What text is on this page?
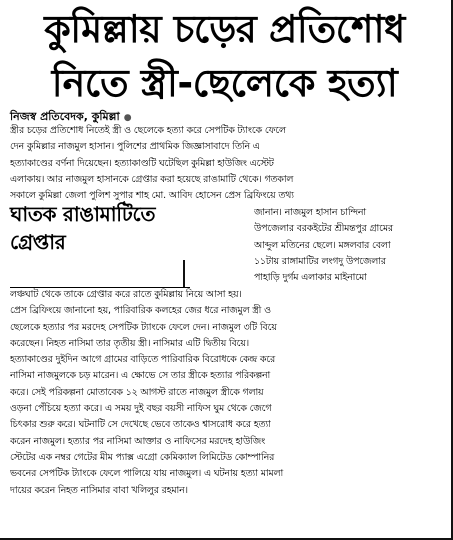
কুমিল্লায় চড়ের প্রতিশোধ
নিতে স্ত্রী-ছেলেকে হত্যা
নিজস্ব প্রতিবেদক, কুমিল্লা ●
স্ত্রীর চড়ের প্রতিশোধ নিতেই স্ত্রী ও ছেলেকে হত্যা করে সেপটিক ট্যাংকে ফেলে
দেন কুমিল্লার নাজমুল হাসান। পুলিশের প্রাথমিক জিজ্ঞাসাবাদে তিনি এ
হত্যাকাণ্ডের বর্ণনা দিয়েছেন। হত্যাকাণ্ডটি ঘটেছিল কুমিল্লা হাউজিং এস্টেট
এলাকায়। আর নাজমুল হাসানকে গ্রেপ্তার করা হয়েছে রাঙামাটি থেকে। গতকাল
সকালে কুমিল্লা জেলা পুলিশ সুপার শাহ মো. আবিদ হোসেন প্রেস ব্রিফিংয়ে তথ্য
ঘাতক রাঙামাটিতে
গ্রেপ্তার
জানান। নাজমুল হাসান চান্দিনা
উপজেলার বরকইটের শ্রীমন্তপুর গ্রামের
আব্দুল মতিনের ছেলে। মঙ্গলবার বেলা
১১টায় রাঙ্গামাটির লংগদু উপজেলার
পাহাড়ি দুর্গম এলাকার মাইনামো
লঞ্চঘাট থেকে তাকে গ্রেপ্তার করে রাতে কুমিল্লায় নিয়ে আসা হয়।
প্রেস ব্রিফিংয়ে জানানো হয়, পারিবারিক কলহের জের ধরে নাজমুল স্ত্রী ও
ছেলেকে হত্যার পর মরদেহ সেপটিক ট্যাংকে ফেলে দেন। নাজমুল ৩টি বিয়ে
করেছেন। নিহত নাসিমা তার তৃতীয় স্ত্রী। নাসিমার এটি দ্বিতীয় বিয়ে।
হত্যাকাণ্ডের দুইদিন আগে গ্রামের বাড়িতে পারিবারিক বিরোধকে কেন্দ্র করে
নাসিমা নাজমুলকে চড় মারেন। এ ক্ষোভে সে তার স্ত্রীকে হত্যার পরিকল্পনা
করে। সেই পরিকল্পনা মোতাবেক ১২ আগস্ট রাতে নাজমুল স্ত্রীকে গলায়
ওড়না পেঁচিয়ে হত্যা করে। এ সময় দুই বছর বয়সী নাফিস ঘুম থেকে জেগে
চিৎকার শুরু করে। ঘটনাটি সে দেখেছে ভেবে তাকেও শ্বাসরোধ করে হত্যা
করেন নাজমুল। হত্যার পর নাসিমা আক্তার ও নাফিসের মরদেহ হাউজিং
স্টেটের এক নম্বর গেটের মীম প্যাক্স এগ্রো কেমিক্যাল লিমিটেড কোম্পানির
ভবনের সেপটিক ট্যাংকে ফেলে পালিয়ে যায় নাজমুল। এ ঘটনায় হত্যা মামলা
দায়ের করেন নিহত নাসিমার বাবা খলিলুর রহমান।
